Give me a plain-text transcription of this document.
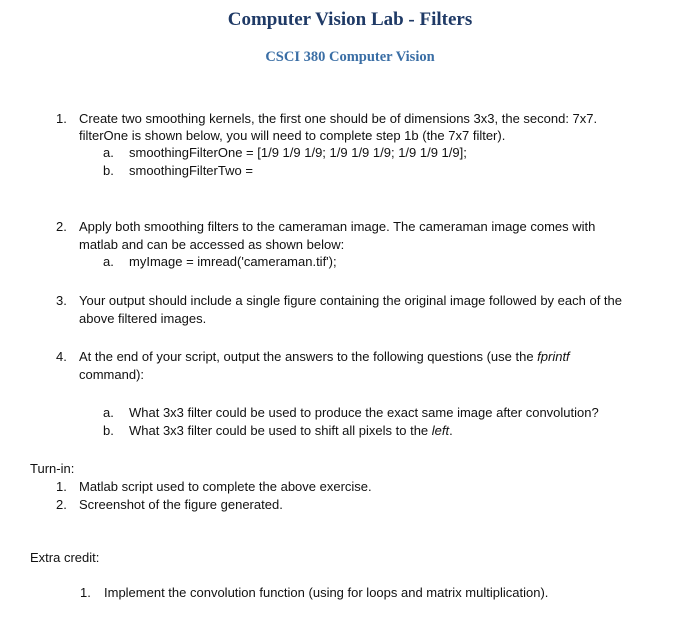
Computer Vision Lab - Filters
CSCI 380 Computer Vision
1. Create two smoothing kernels, the first one should be of dimensions 3x3, the second: 7x7.
filterOne is shown below, you will need to complete step 1b (the 7x7 filter).
a. smoothingFilterOne = [1/9 1/9 1/9; 1/9 1/9 1/9; 1/9 1/9 1/9];
b. smoothingFilterTwo =
2. Apply both smoothing filters to the cameraman image. The cameraman image comes with
matlab and can be accessed as shown below:
a. myImage = imread('cameraman.tif');
3. Your output should include a single figure containing the original image followed by each of the
above filtered images.
4. At the end of your script, output the answers to the following questions (use the fprintf
command):
a. What 3x3 filter could be used to produce the exact same image after convolution?
b. What 3x3 filter could be used to shift all pixels to the left.
Turn-in:
1. Matlab script used to complete the above exercise.
2. Screenshot of the figure generated.
Extra credit:
1. Implement the convolution function (using for loops and matrix multiplication).
